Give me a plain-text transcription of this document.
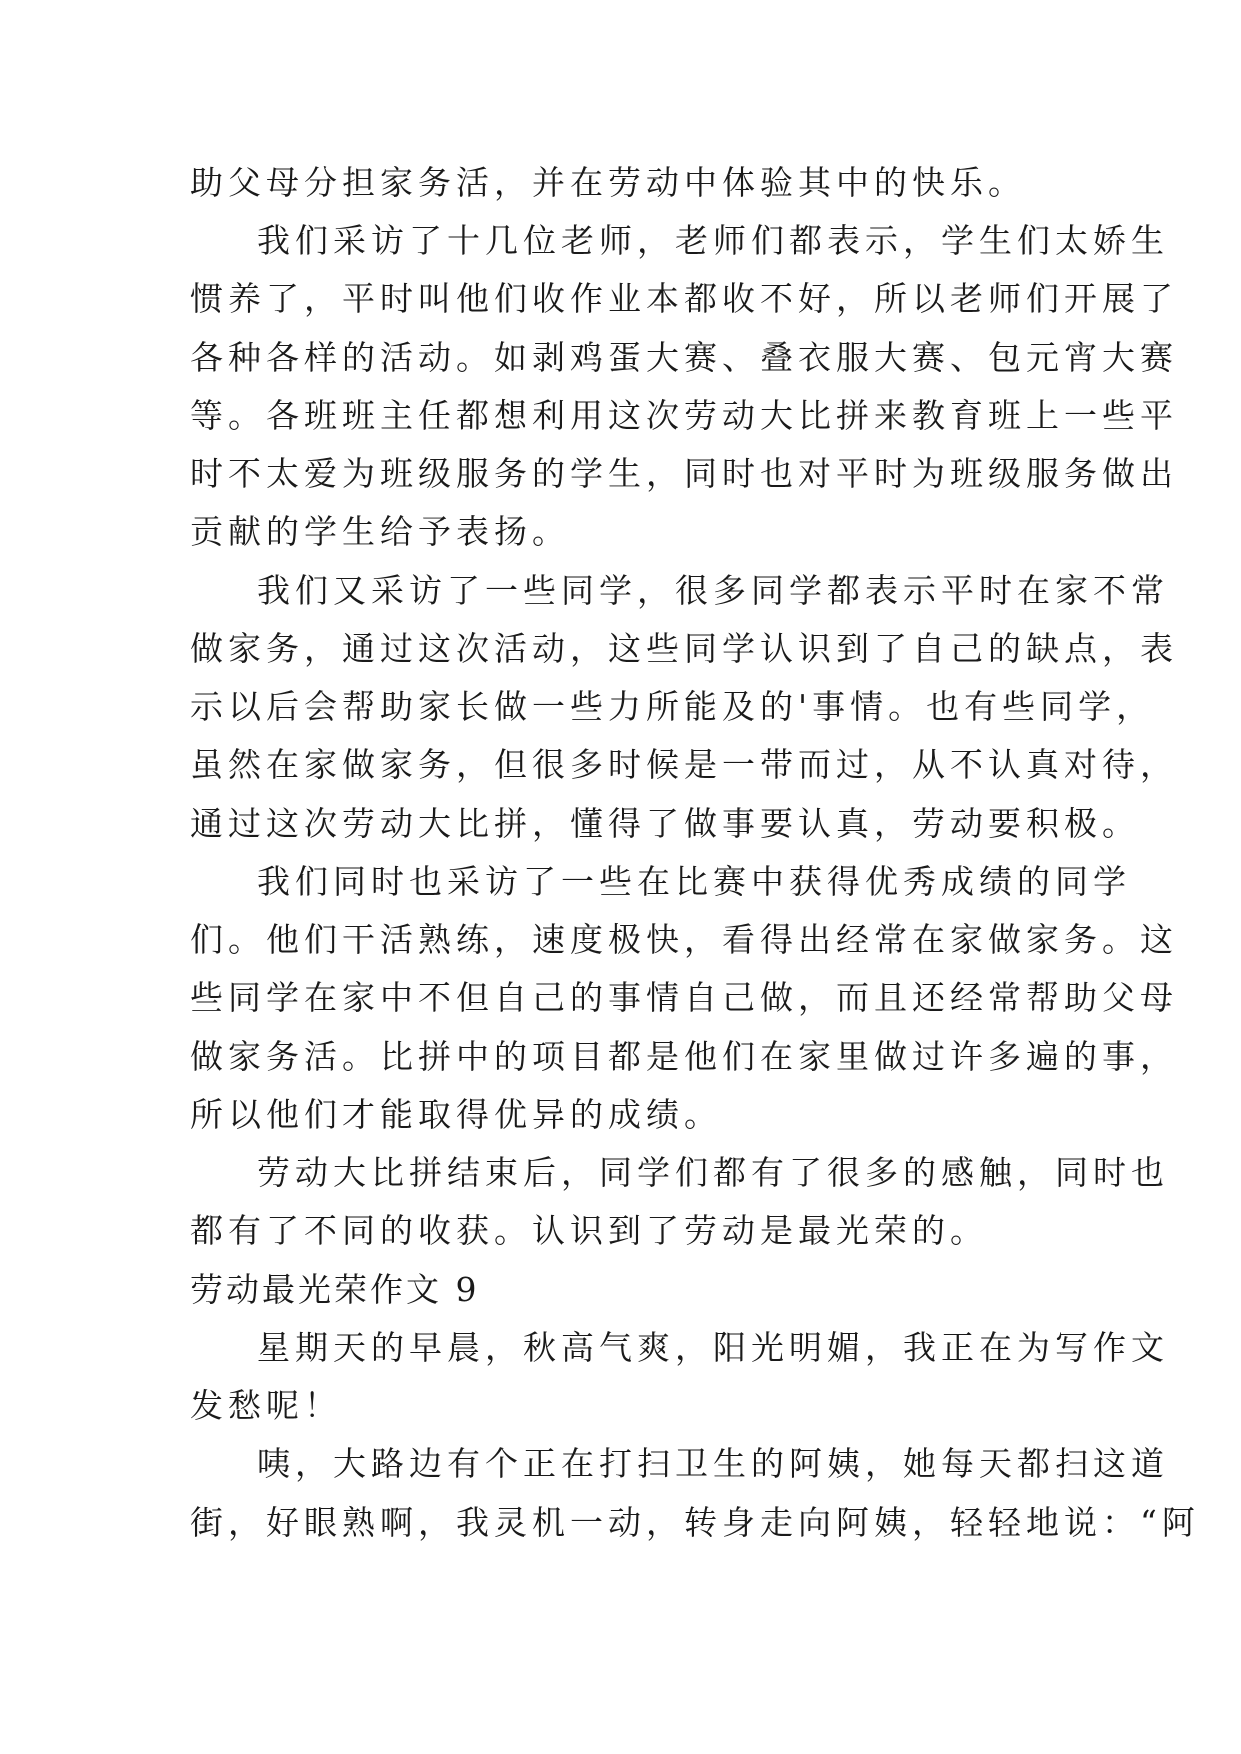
助父母分担家务活，并在劳动中体验其中的快乐。
我们采访了十几位老师，老师们都表示，学生们太娇生
惯养了，平时叫他们收作业本都收不好，所以老师们开展了
各种各样的活动。如剥鸡蛋大赛、叠衣服大赛、包元宵大赛
等。各班班主任都想利用这次劳动大比拼来教育班上一些平
时不太爱为班级服务的学生，同时也对平时为班级服务做出
贡献的学生给予表扬。
我们又采访了一些同学，很多同学都表示平时在家不常
做家务，通过这次活动，这些同学认识到了自己的缺点，表
示以后会帮助家长做一些力所能及的'事情。也有些同学，
虽然在家做家务，但很多时候是一带而过，从不认真对待，
通过这次劳动大比拼，懂得了做事要认真，劳动要积极。
我们同时也采访了一些在比赛中获得优秀成绩的同学
们。他们干活熟练，速度极快，看得出经常在家做家务。这
些同学在家中不但自己的事情自己做，而且还经常帮助父母
做家务活。比拼中的项目都是他们在家里做过许多遍的事，
所以他们才能取得优异的成绩。
劳动大比拼结束后，同学们都有了很多的感触，同时也
都有了不同的收获。认识到了劳动是最光荣的。
劳动最光荣作文 9
星期天的早晨，秋高气爽，阳光明媚，我正在为写作文
发愁呢！
咦，大路边有个正在打扫卫生的阿姨，她每天都扫这道
街，好眼熟啊，我灵机一动，转身走向阿姨，轻轻地说：“阿
